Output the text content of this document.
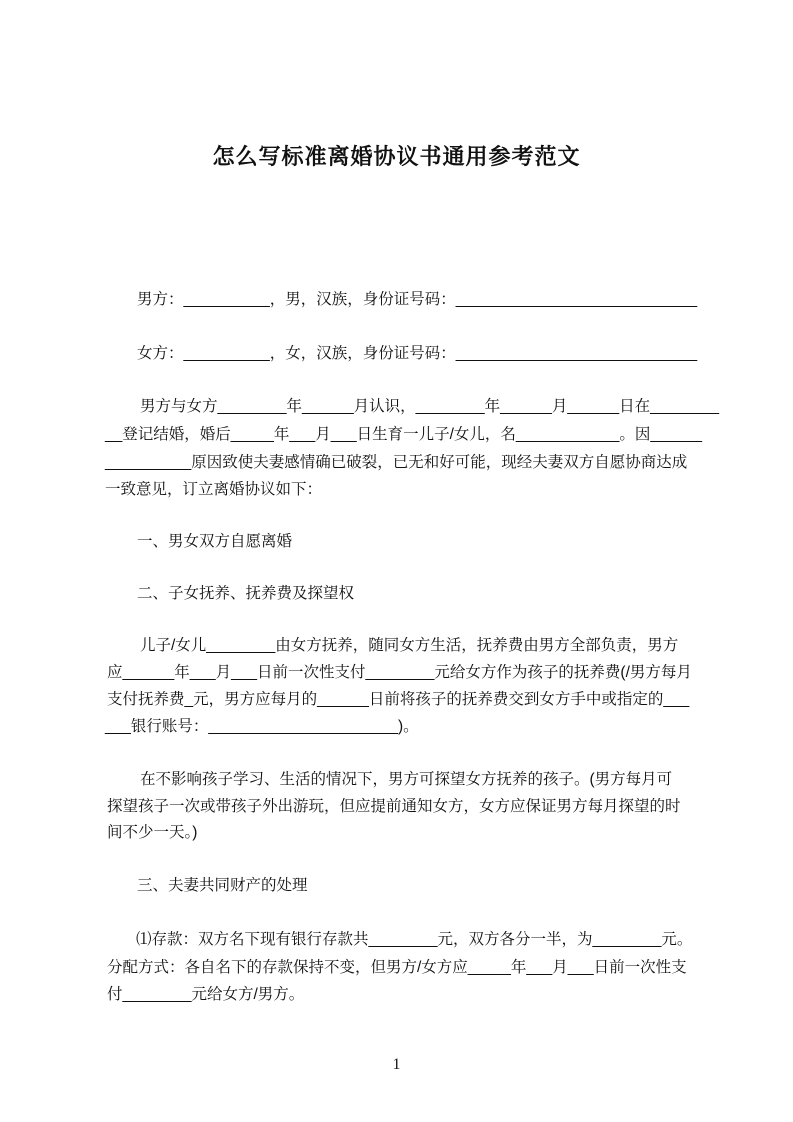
怎么写标准离婚协议书通用参考范文
男方：__________，男，汉族，身份证号码：____________________________
女方：__________，女，汉族，身份证号码：____________________________
男方与女方________年______月认识，________年______月______日在________
__登记结婚，婚后_____年___月___日生育一儿子/女儿，名____________。因______
__________原因致使夫妻感情确已破裂，已无和好可能，现经夫妻双方自愿协商达成
一致意见，订立离婚协议如下：
一、男女双方自愿离婚
二、子女抚养、抚养费及探望权
儿子/女儿________由女方抚养，随同女方生活，抚养费由男方全部负责，男方
应______年___月___日前一次性支付________元给女方作为孩子的抚养费(/男方每月
支付抚养费_元，男方应每月的______日前将孩子的抚养费交到女方手中或指定的___
___银行账号：______________________)。
在不影响孩子学习、生活的情况下，男方可探望女方抚养的孩子。(男方每月可
探望孩子一次或带孩子外出游玩，但应提前通知女方，女方应保证男方每月探望的时
间不少一天。)
三、夫妻共同财产的处理
⑴存款：双方名下现有银行存款共________元，双方各分一半，为________元。
分配方式：各自名下的存款保持不变，但男方/女方应_____年___月___日前一次性支
付________元给女方/男方。
1
